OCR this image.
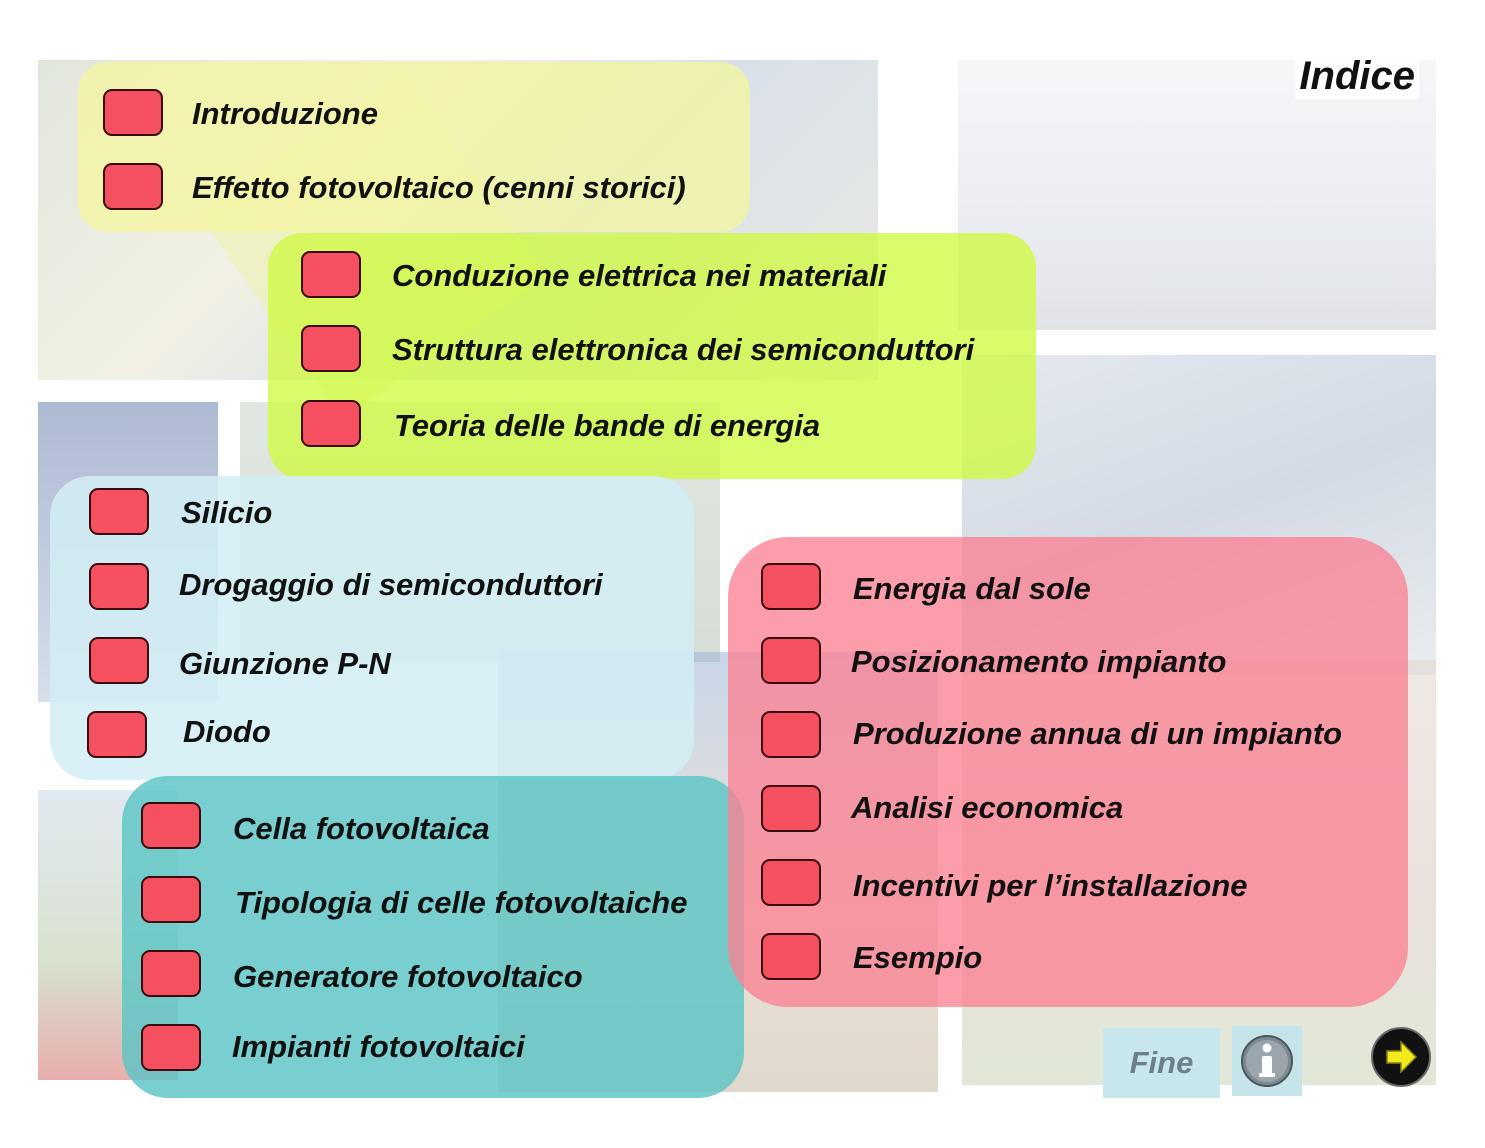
Indice
Introduzione
Effetto fotovoltaico (cenni storici)
Conduzione elettrica nei materiali
Struttura elettronica dei semiconduttori
Teoria delle bande di energia
Silicio
Drogaggio di semiconduttori
Giunzione P-N
Diodo
Cella fotovoltaica
Tipologia di celle fotovoltaiche
Generatore fotovoltaico
Impianti fotovoltaici
Energia dal sole
Posizionamento impianto
Produzione annua di un impianto
Analisi economica
Incentivi per l’installazione
Esempio
Fine
